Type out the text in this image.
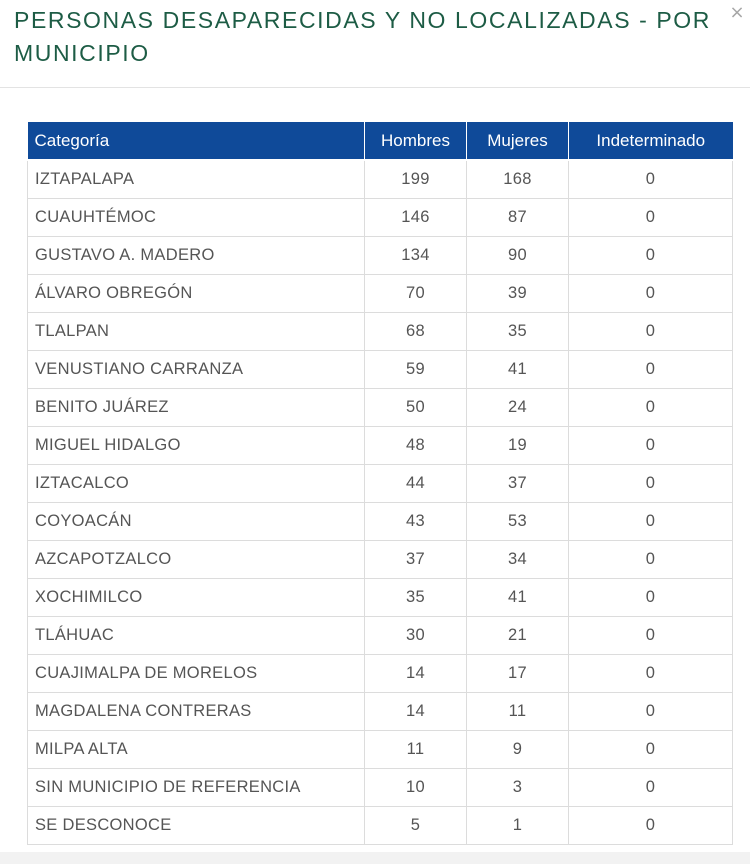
PERSONAS DESAPARECIDAS Y NO LOCALIZADAS - POR MUNICIPIO
×
Categoría	Hombres	Mujeres	Indeterminado
IZTAPALAPA	199	168	0
CUAUHTÉMOC	146	87	0
GUSTAVO A. MADERO	134	90	0
ÁLVARO OBREGÓN	70	39	0
TLALPAN	68	35	0
VENUSTIANO CARRANZA	59	41	0
BENITO JUÁREZ	50	24	0
MIGUEL HIDALGO	48	19	0
IZTACALCO	44	37	0
COYOACÁN	43	53	0
AZCAPOTZALCO	37	34	0
XOCHIMILCO	35	41	0
TLÁHUAC	30	21	0
CUAJIMALPA DE MORELOS	14	17	0
MAGDALENA CONTRERAS	14	11	0
MILPA ALTA	11	9	0
SIN MUNICIPIO DE REFERENCIA	10	3	0
SE DESCONOCE	5	1	0
